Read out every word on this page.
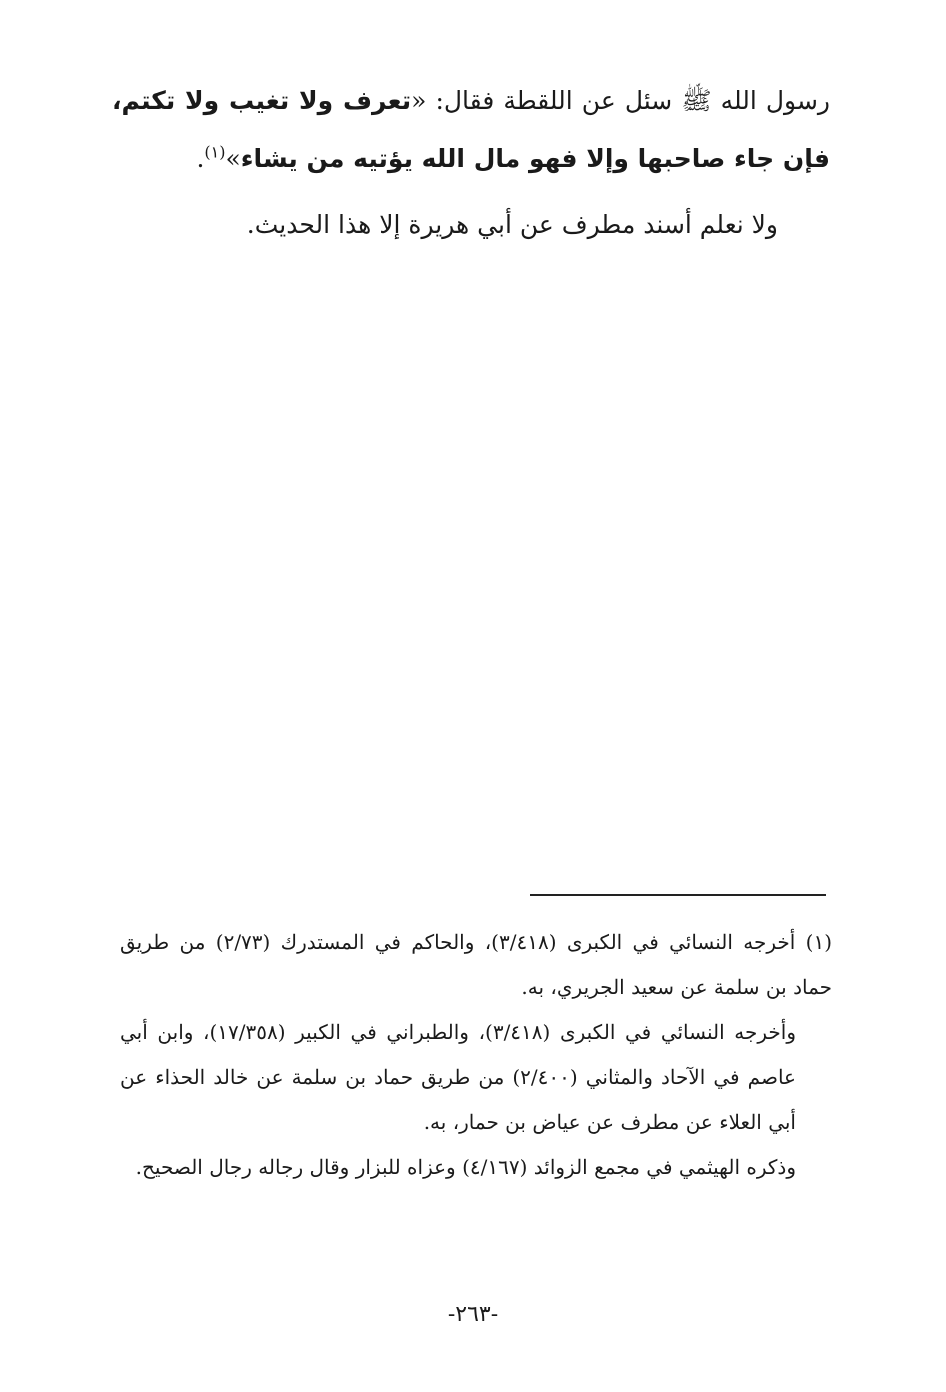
رسول الله ﷺ سئل عن اللقطة فقال: «تعرف ولا تغيب ولا تكتم، فإن جاء صاحبها وإلا فهو مال الله يؤتيه من يشاء»$^{(١)}$.

ولا نعلم أسند مطرف عن أبي هريرة إلا هذا الحديث.

(١) أخرجه النسائي في الكبرى (٣/٤١٨)، والحاكم في المستدرك (٢/٧٣) من طريق حماد بن سلمة عن سعيد الجريري، به.

وأخرجه النسائي في الكبرى (٣/٤١٨)، والطبراني في الكبير (١٧/٣٥٨)، وابن أبي عاصم في الآحاد والمثاني (٢/٤٠٠) من طريق حماد بن سلمة عن خالد الحذاء عن أبي العلاء عن مطرف عن عياض بن حمار، به.

وذكره الهيثمي في مجمع الزوائد (٤/١٦٧) وعزاه للبزار وقال رجاله رجال الصحيح.

-٢٦٣-
